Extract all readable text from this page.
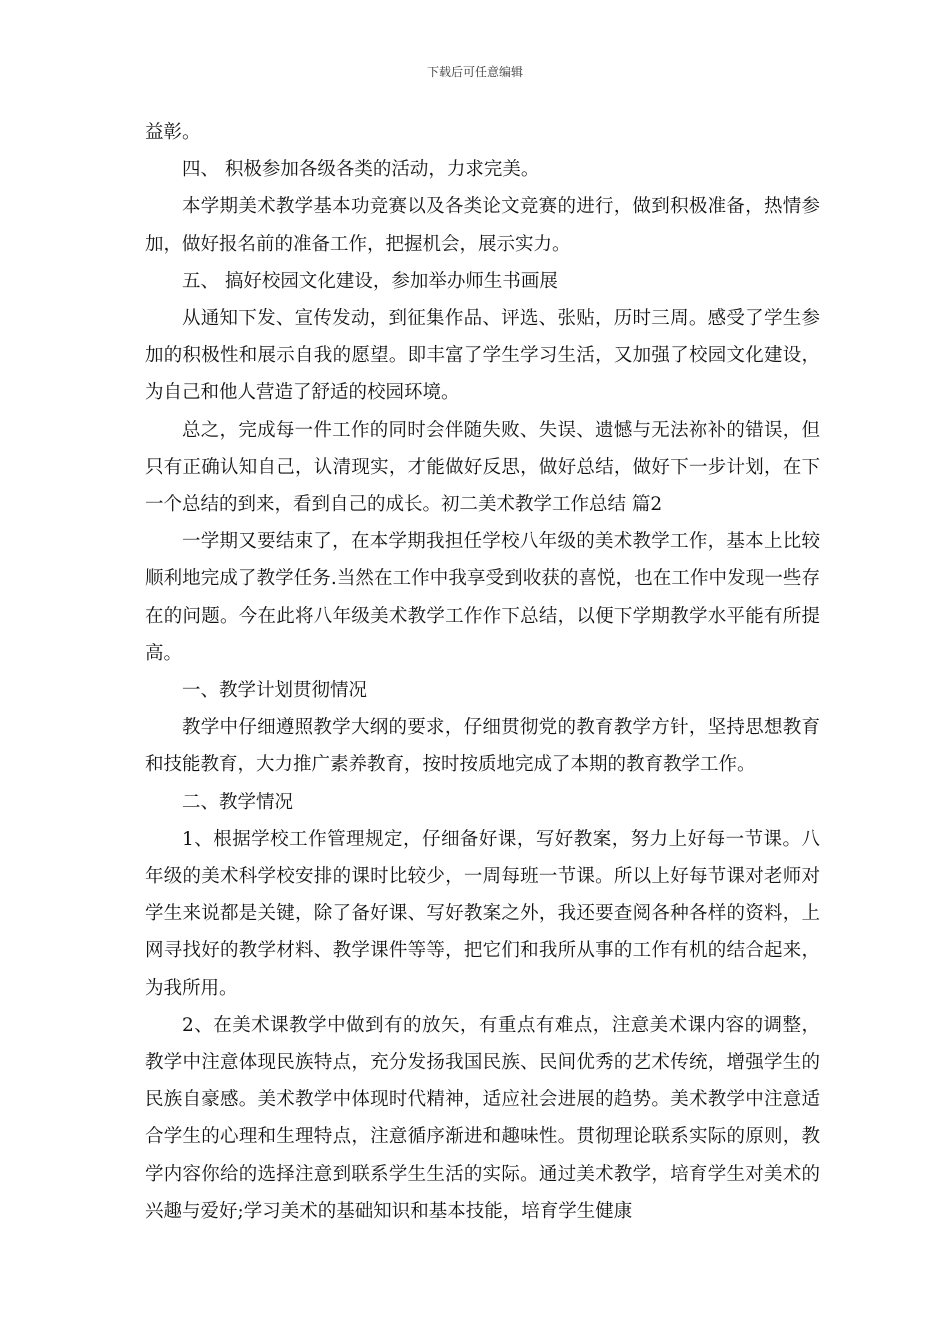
下载后可任意编辑

益彰。

四、 积极参加各级各类的活动，力求完美。

本学期美术教学基本功竞赛以及各类论文竞赛的进行，做到积极准备，热情参加，做好报名前的准备工作，把握机会，展示实力。

五、 搞好校园文化建设，参加举办师生书画展

从通知下发、宣传发动，到征集作品、评选、张贴，历时三周。感受了学生参加的积极性和展示自我的愿望。即丰富了学生学习生活，又加强了校园文化建设，为自己和他人营造了舒适的校园环境。

总之，完成每一件工作的同时会伴随失败、失误、遗憾与无法祢补的错误，但只有正确认知自己，认清现实，才能做好反思，做好总结，做好下一步计划，在下一个总结的到来，看到自己的成长。初二美术教学工作总结 篇2

一学期又要结束了，在本学期我担任学校八年级的美术教学工作，基本上比较顺利地完成了教学任务.当然在工作中我享受到收获的喜悦，也在工作中发现一些存在的问题。今在此将八年级美术教学工作作下总结，以便下学期教学水平能有所提高。

一、教学计划贯彻情况

教学中仔细遵照教学大纲的要求，仔细贯彻党的教育教学方针，坚持思想教育和技能教育，大力推广素养教育，按时按质地完成了本期的教育教学工作。

二、教学情况

1、根据学校工作管理规定，仔细备好课，写好教案，努力上好每一节课。八年级的美术科学校安排的课时比较少，一周每班一节课。所以上好每节课对老师对学生来说都是关键，除了备好课、写好教案之外，我还要查阅各种各样的资料，上网寻找好的教学材料、教学课件等等，把它们和我所从事的工作有机的结合起来，为我所用。

2、在美术课教学中做到有的放矢，有重点有难点，注意美术课内容的调整，教学中注意体现民族特点，充分发扬我国民族、民间优秀的艺术传统，增强学生的民族自豪感。美术教学中体现时代精神，适应社会进展的趋势。美术教学中注意适合学生的心理和生理特点，注意循序渐进和趣味性。贯彻理论联系实际的原则，教学内容你给的选择注意到联系学生生活的实际。通过美术教学，培育学生对美术的兴趣与爱好;学习美术的基础知识和基本技能，培育学生健康
